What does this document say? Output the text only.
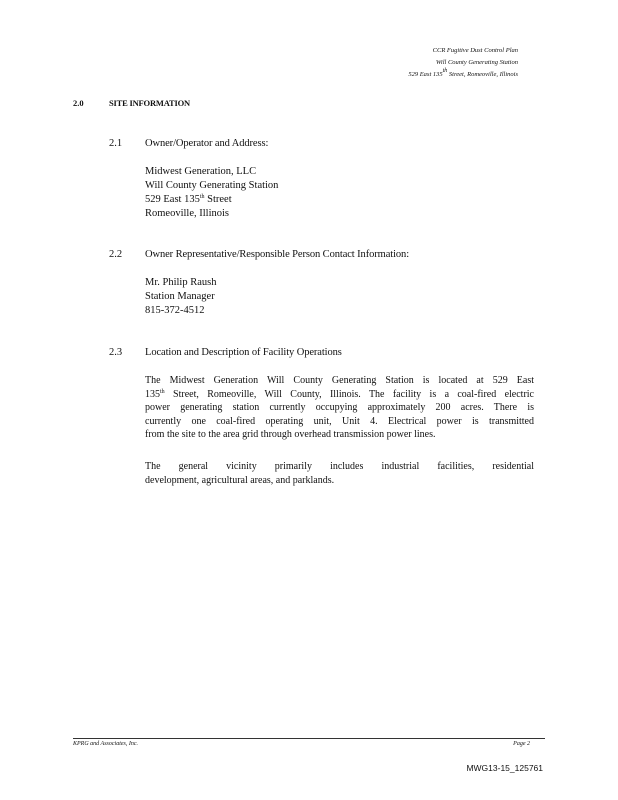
CCR Fugitive Dust Control Plan
Will County Generating Station
529 East 135th Street, Romeoville, Illinois
2.0	SITE INFORMATION
2.1 Owner/Operator and Address:
Midwest Generation, LLC
Will County Generating Station
529 East 135th Street
Romeoville, Illinois
2.2 Owner Representative/Responsible Person Contact Information:
Mr. Philip Raush
Station Manager
815-372-4512
2.3 Location and Description of Facility Operations
The Midwest Generation Will County Generating Station is located at 529 East
135th Street, Romeoville, Will County, Illinois. The facility is a coal-fired electric
power generating station currently occupying approximately 200 acres. There is
currently one coal-fired operating unit, Unit 4. Electrical power is transmitted
from the site to the area grid through overhead transmission power lines.
The general vicinity primarily includes industrial facilities, residential
development, agricultural areas, and parklands.
KPRG and Associates, Inc.	Page 2
MWG13-15_125761
